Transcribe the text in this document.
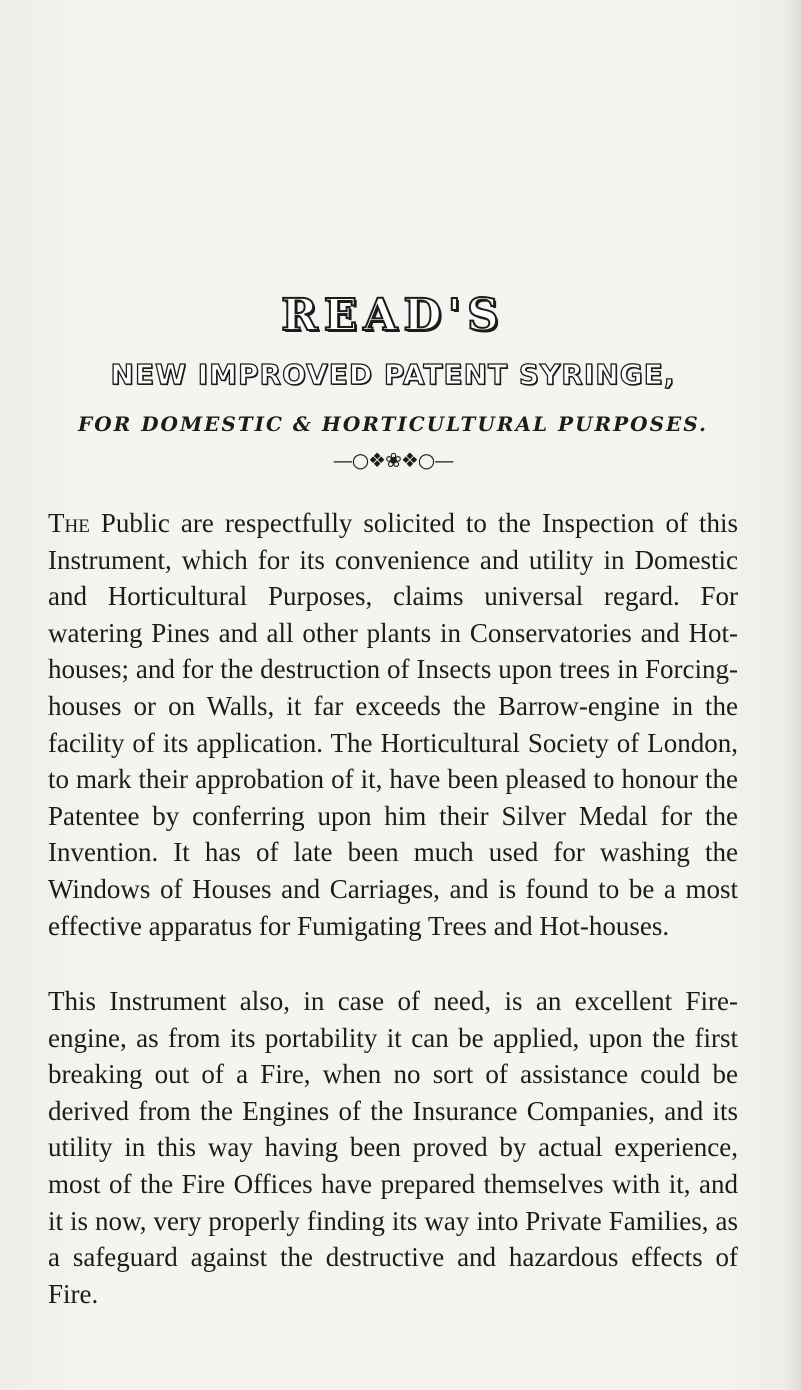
READ'S
NEW IMPROVED PATENT SYRINGE,
FOR DOMESTIC & HORTICULTURAL PURPOSES.
—○❖❀❖○—

The Public are respectfully solicited to the Inspection of this Instrument, which for its convenience and utility in Domestic and Horticultural Purposes, claims universal regard. For watering Pines and all other plants in Conservatories and Hot-houses; and for the destruction of Insects upon trees in Forcing-houses or on Walls, it far exceeds the Barrow-engine in the facility of its application. The Horticultural Society of London, to mark their approbation of it, have been pleased to honour the Patentee by conferring upon him their Silver Medal for the Invention. It has of late been much used for washing the Windows of Houses and Carriages, and is found to be a most effective apparatus for Fumigating Trees and Hot-houses.

This Instrument also, in case of need, is an excellent Fire-engine, as from its portability it can be applied, upon the first breaking out of a Fire, when no sort of assistance could be derived from the Engines of the Insurance Companies, and its utility in this way having been proved by actual experience, most of the Fire Offices have prepared themselves with it, and it is now, very properly finding its way into Private Families, as a safeguard against the destructive and hazardous effects of Fire.
